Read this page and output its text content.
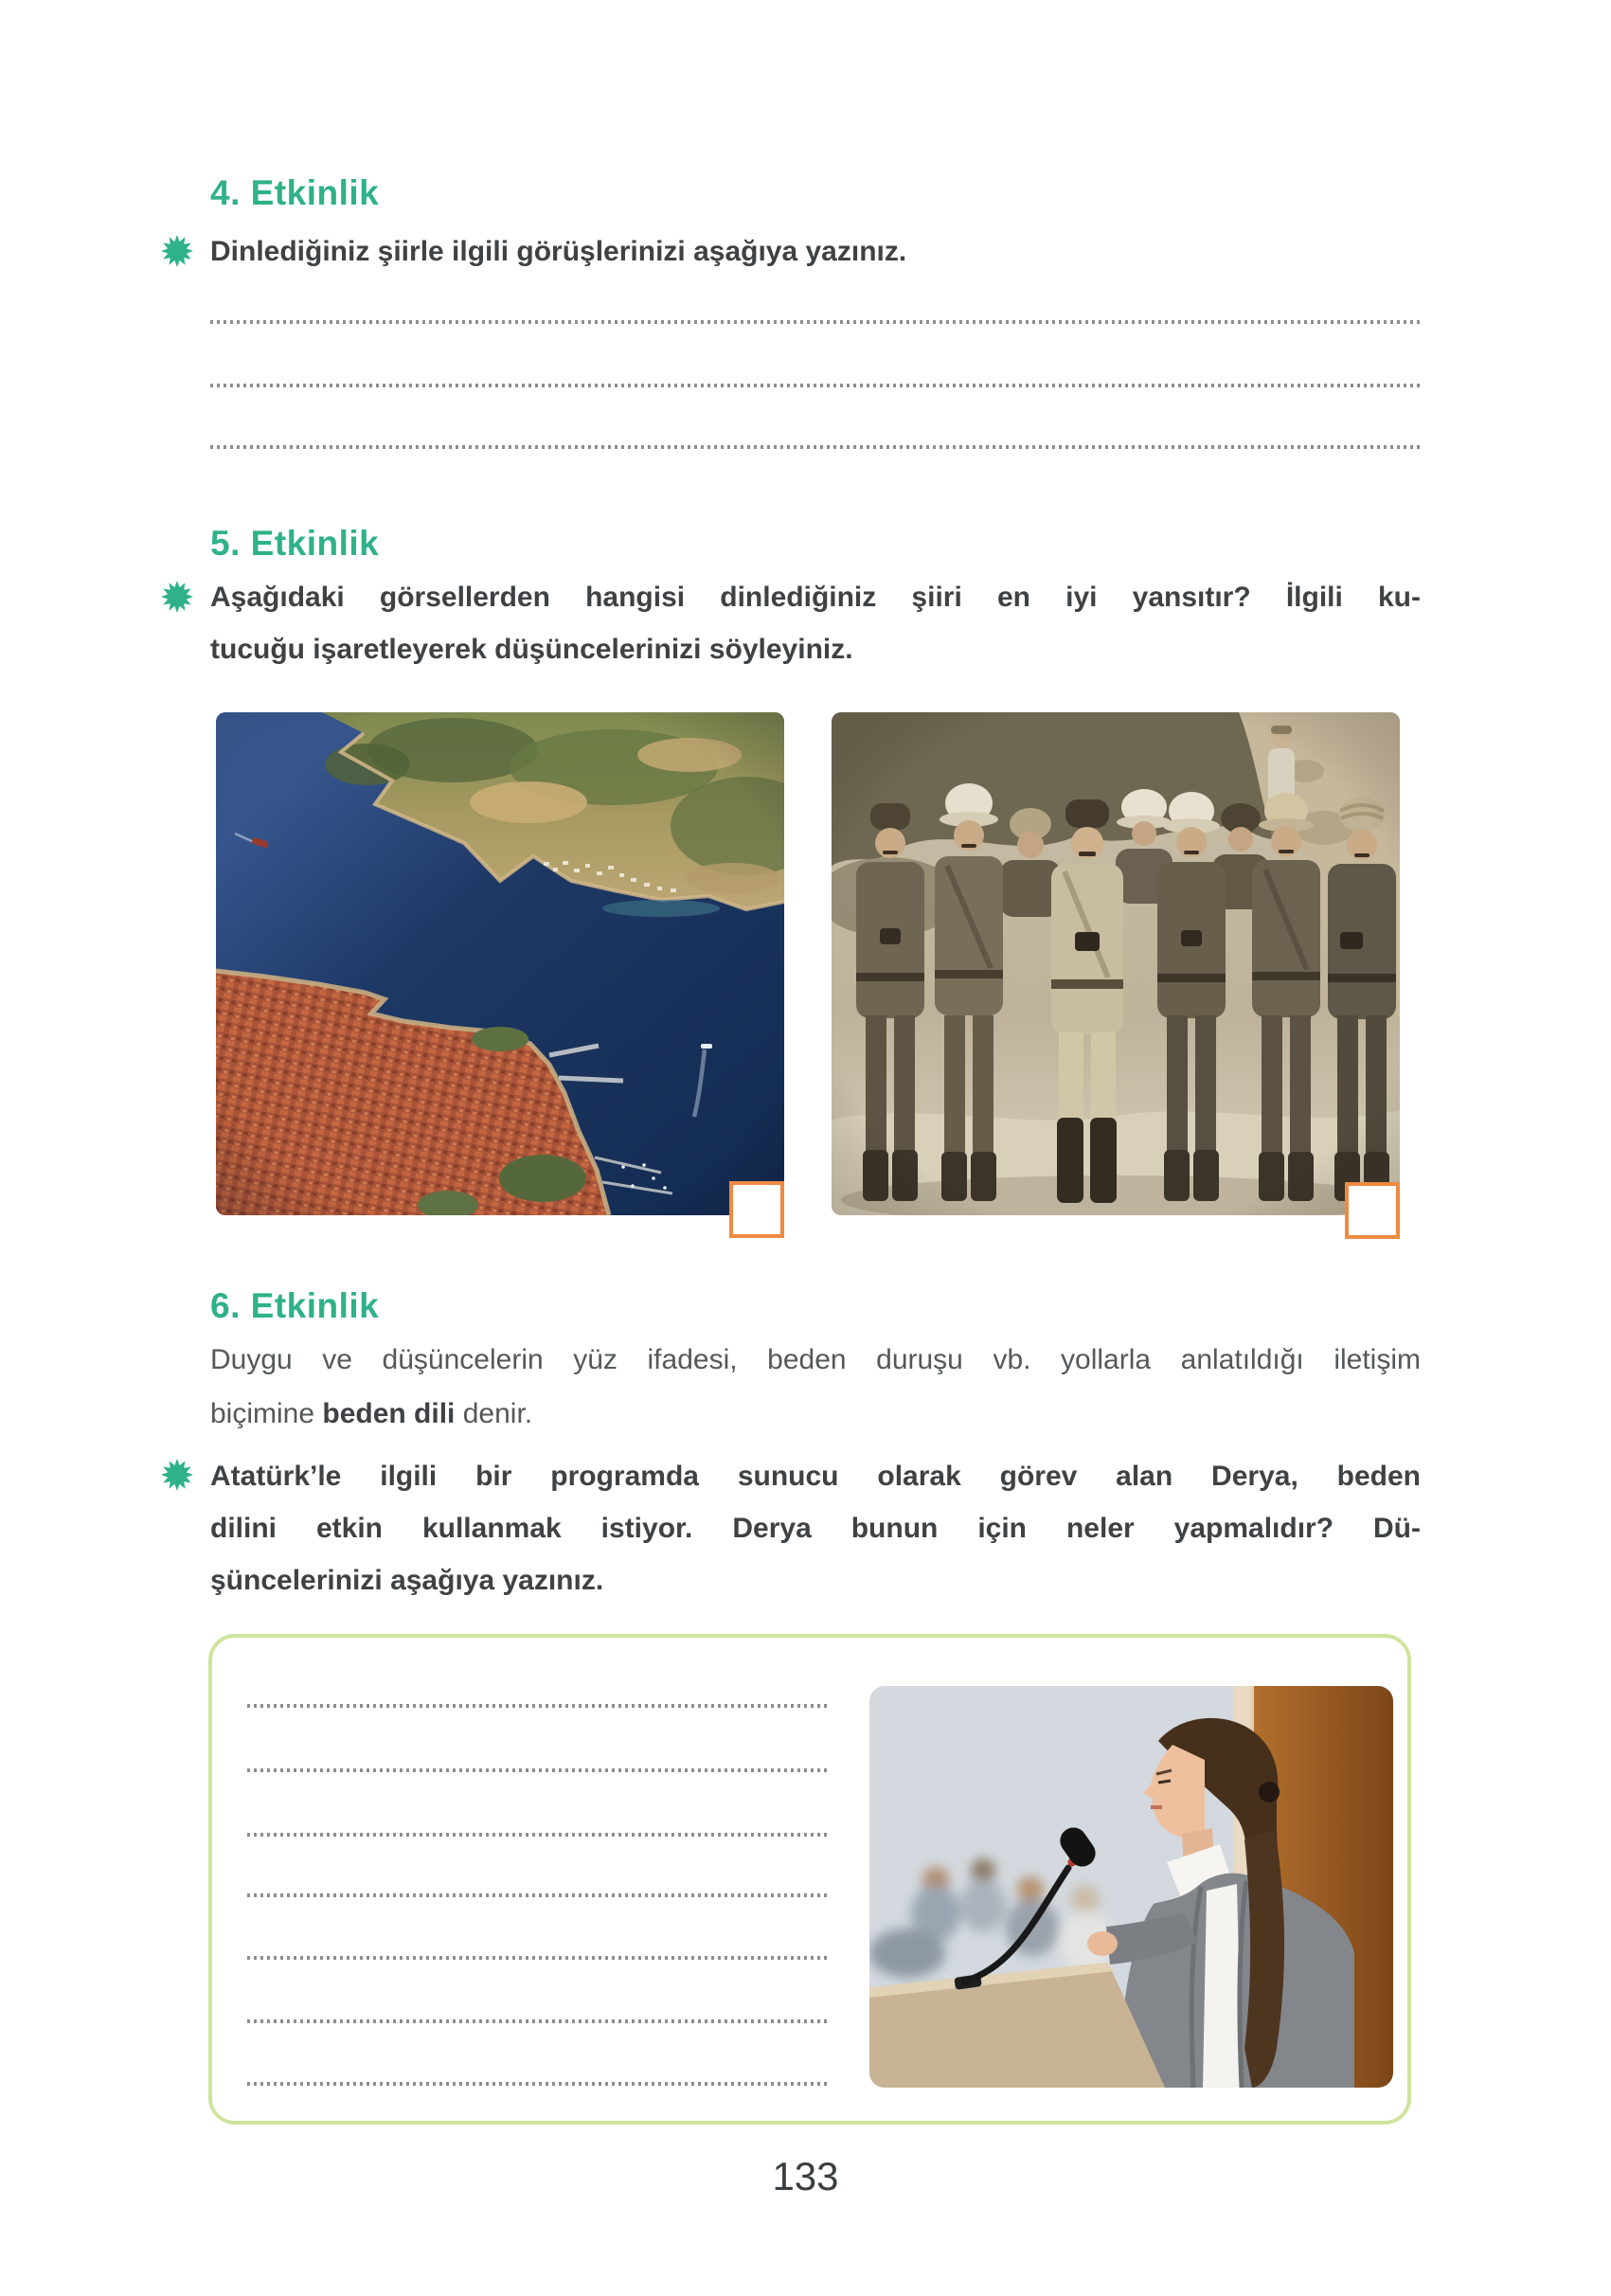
4. Etkinlik

Dinlediğiniz şiirle ilgili görüşlerinizi aşağıya yazınız.

5. Etkinlik
Aşağıdaki görsellerden hangisi dinlediğiniz şiiri en iyi yansıtır? İlgili ku-
tucuğu işaretleyerek düşüncelerinizi söyleyiniz.
6. Etkinlik
Duygu ve düşüncelerin yüz ifadesi, beden duruşu vb. yollarla anlatıldığı iletişim
biçimine beden dili denir.
Atatürk’le ilgili bir programda sunucu olarak görev alan Derya, beden
dilini etkin kullanmak istiyor. Derya bunun için neler yapmalıdır? Dü-
şüncelerinizi aşağıya yazınız.
133
